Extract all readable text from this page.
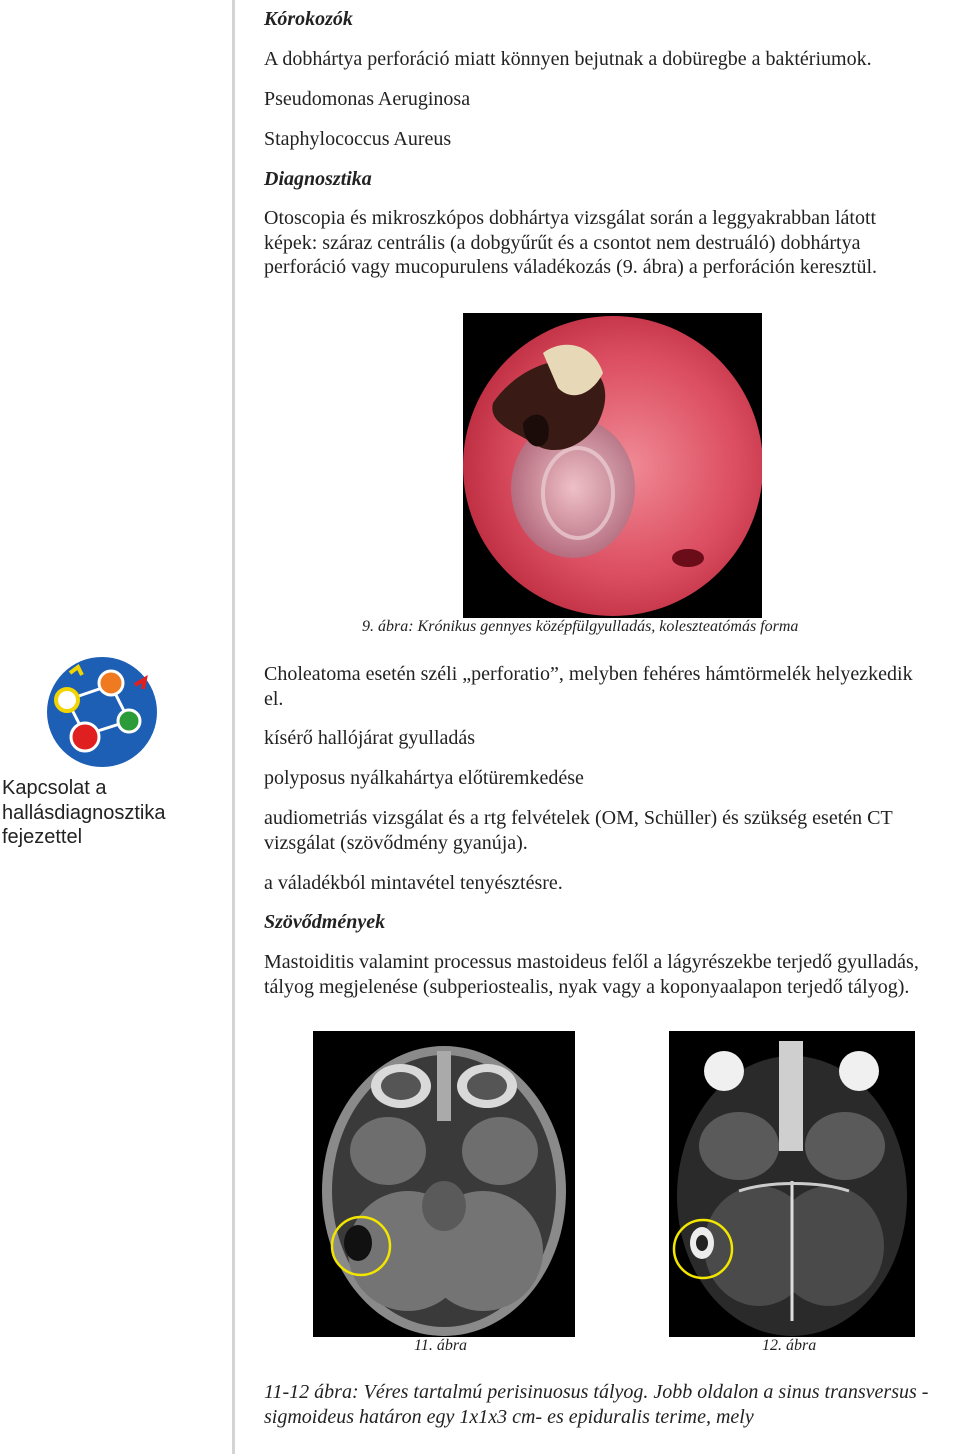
Kórokozók
A dobhártya perforáció miatt könnyen bejutnak a dobüregbe a baktériumok.
Pseudomonas Aeruginosa
Staphylococcus Aureus
Diagnosztika
Otoscopia és mikroszkópos dobhártya vizsgálat során a leggyakrabban látott képek: száraz centrális (a dobgyűrűt és a csontot nem destruáló) dobhártya perforáció vagy mucopurulens váladékozás (9. ábra) a perforáción keresztül.
9. ábra: Krónikus gennyes középfülgyulladás, koleszteatómás forma
Kapcsolat a hallásdiagnosztika fejezettel
Choleatoma esetén széli „perforatio”, melyben fehéres hámtörmelék helyezkedik el.
kísérő hallójárat gyulladás
polyposus nyálkahártya előtüremkedése
audiometriás vizsgálat és a rtg felvételek (OM, Schüller) és szükség esetén CT vizsgálat (szövődmény gyanúja).
a váladékból mintavétel tenyésztésre.
Szövődmények
Mastoiditis valamint processus mastoideus felől a lágyrészekbe terjedő gyulladás, tályog megjelenése (subperiostealis, nyak vagy a koponyaalapon terjedő tályog).
11. ábra	12. ábra
11-12 ábra: Véres tartalmú perisinuosus tályog. Jobb oldalon a sinus transversus - sigmoideus határon egy 1x1x3 cm- es epiduralis terime, mely
